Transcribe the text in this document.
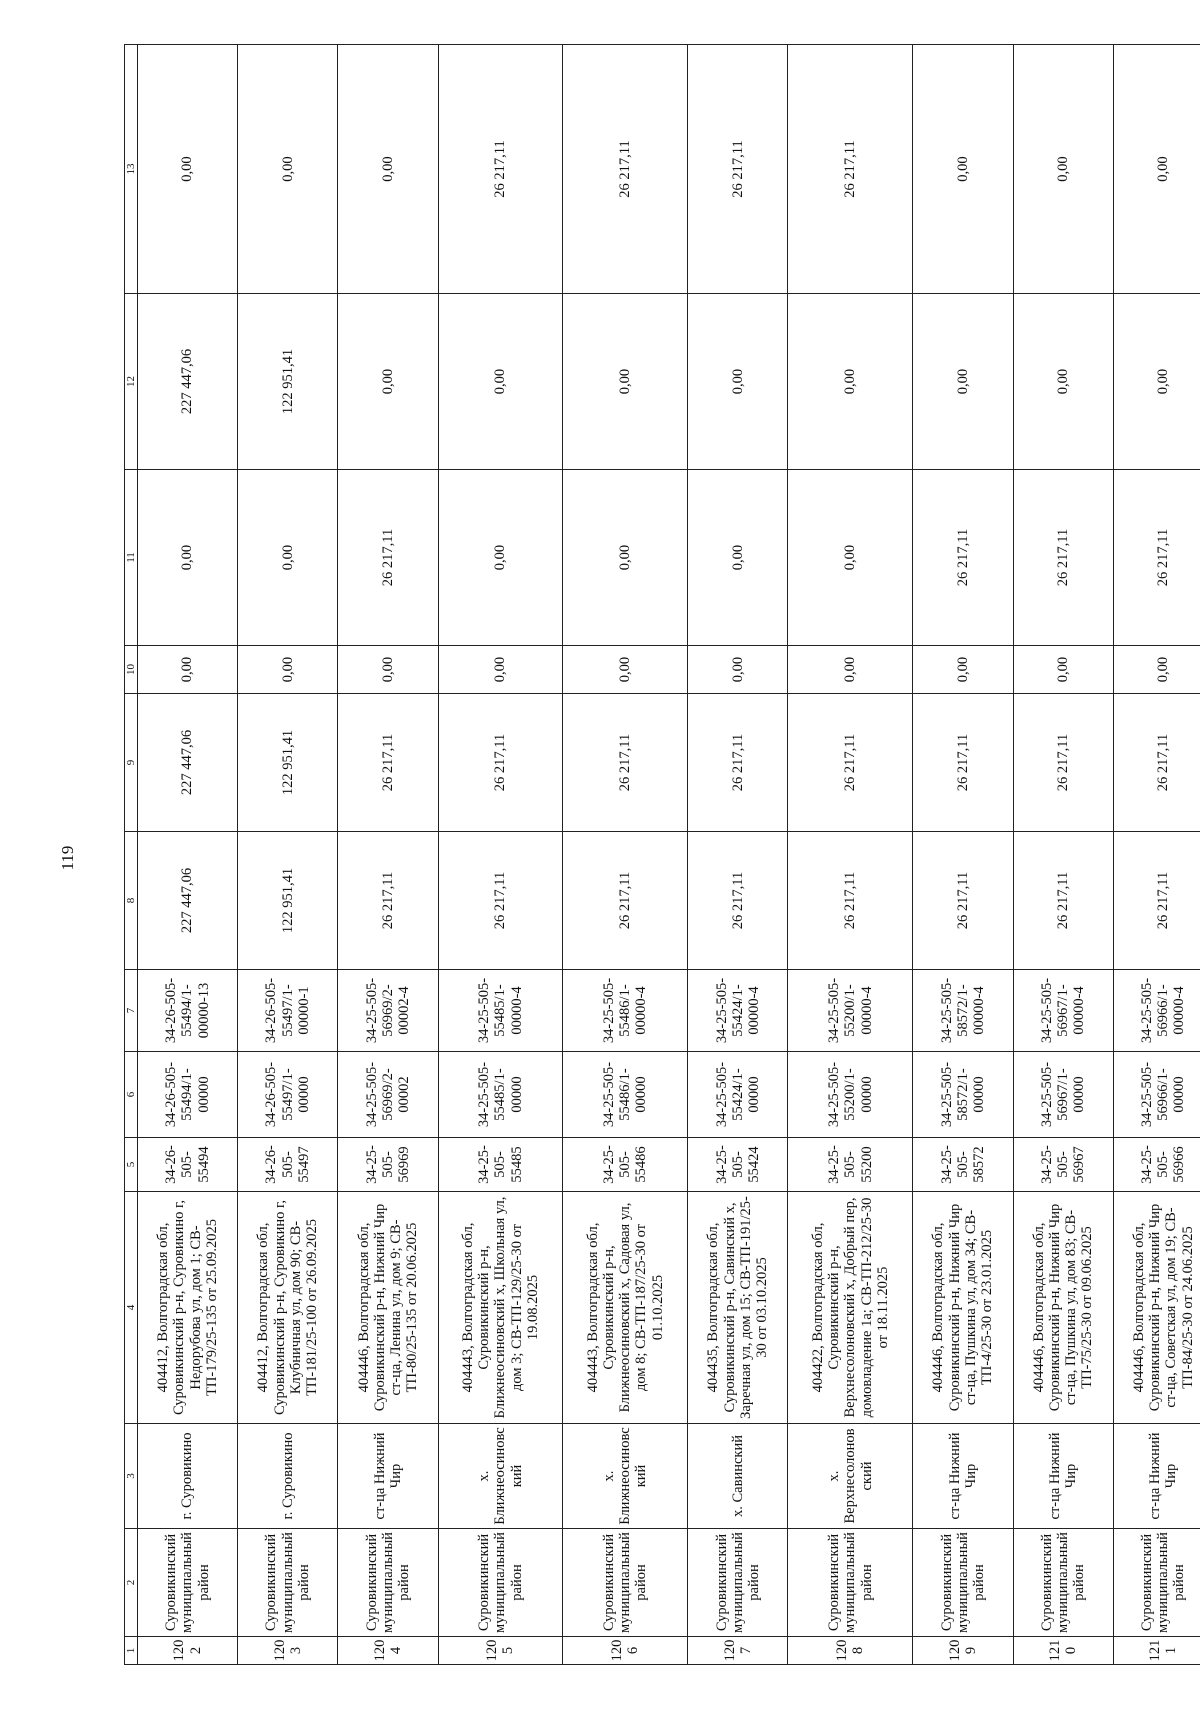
119
1	2	3	4	5	6	7	8	9	10	11	12	13
1202	Суровикинский муниципальный район	г. Суровикино	404412, Волгоградская обл, Суровикинский р-н, Суровикино г, Недорубова ул, дом 1; СВ-ТП-179/25-135 от 25.09.2025	34-26-505-55494	34-26-505-55494/1-00000	34-26-505-55494/1-00000-13	227 447,06	227 447,06	0,00	0,00	227 447,06	0,00
1203	Суровикинский муниципальный район	г. Суровикино	404412, Волгоградская обл, Суровикинский р-н, Суровикино г, Клубничная ул, дом 90; СВ-ТП-181/25-100 от 26.09.2025	34-26-505-55497	34-26-505-55497/1-00000	34-26-505-55497/1-00000-1	122 951,41	122 951,41	0,00	0,00	122 951,41	0,00
1204	Суровикинский муниципальный район	ст-ца Нижний Чир	404446, Волгоградская обл, Суровикинский р-н, Нижний Чир ст-ца, Ленина ул, дом 9; СВ-ТП-80/25-135 от 20.06.2025	34-25-505-56969	34-25-505-56969/2-00002	34-25-505-56969/2-00002-4	26 217,11	26 217,11	0,00	26 217,11	0,00	0,00
1205	Суровикинский муниципальный район	х. Ближнеосиновский	404443, Волгоградская обл, Суровикинский р-н, Ближнеосиновский х, Школьная ул, дом 3; СВ-ТП-129/25-30 от 19.08.2025	34-25-505-55485	34-25-505-55485/1-00000	34-25-505-55485/1-00000-4	26 217,11	26 217,11	0,00	0,00	0,00	26 217,11
1206	Суровикинский муниципальный район	х. Ближнеосиновский	404443, Волгоградская обл, Суровикинский р-н, Ближнеосиновский х, Садовая ул, дом 8; СВ-ТП-187/25-30 от 01.10.2025	34-25-505-55486	34-25-505-55486/1-00000	34-25-505-55486/1-00000-4	26 217,11	26 217,11	0,00	0,00	0,00	26 217,11
1207	Суровикинский муниципальный район	х. Савинский	404435, Волгоградская обл, Суровикинский р-н, Савинский х, Заречная ул, дом 15; СВ-ТП-191/25-30 от 03.10.2025	34-25-505-55424	34-25-505-55424/1-00000	34-25-505-55424/1-00000-4	26 217,11	26 217,11	0,00	0,00	0,00	26 217,11
1208	Суровикинский муниципальный район	х. Верхнесолоновский	404422, Волгоградская обл, Суровикинский р-н, Верхнесолоновский х, Добрый пер, домовладение 1а; СВ-ТП-212/25-30 от 18.11.2025	34-25-505-55200	34-25-505-55200/1-00000	34-25-505-55200/1-00000-4	26 217,11	26 217,11	0,00	0,00	0,00	26 217,11
1209	Суровикинский муниципальный район	ст-ца Нижний Чир	404446, Волгоградская обл, Суровикинский р-н, Нижний Чир ст-ца, Пушкина ул, дом 34; СВ-ТП-4/25-30 от 23.01.2025	34-25-505-58572	34-25-505-58572/1-00000	34-25-505-58572/1-00000-4	26 217,11	26 217,11	0,00	26 217,11	0,00	0,00
1210	Суровикинский муниципальный район	ст-ца Нижний Чир	404446, Волгоградская обл, Суровикинский р-н, Нижний Чир ст-ца, Пушкина ул, дом 83; СВ-ТП-75/25-30 от 09.06.2025	34-25-505-56967	34-25-505-56967/1-00000	34-25-505-56967/1-00000-4	26 217,11	26 217,11	0,00	26 217,11	0,00	0,00
1211	Суровикинский муниципальный район	ст-ца Нижний Чир	404446, Волгоградская обл, Суровикинский р-н, Нижний Чир ст-ца, Советская ул, дом 19; СВ-ТП-84/25-30 от 24.06.2025	34-25-505-56966	34-25-505-56966/1-00000	34-25-505-56966/1-00000-4	26 217,11	26 217,11	0,00	26 217,11	0,00	0,00
